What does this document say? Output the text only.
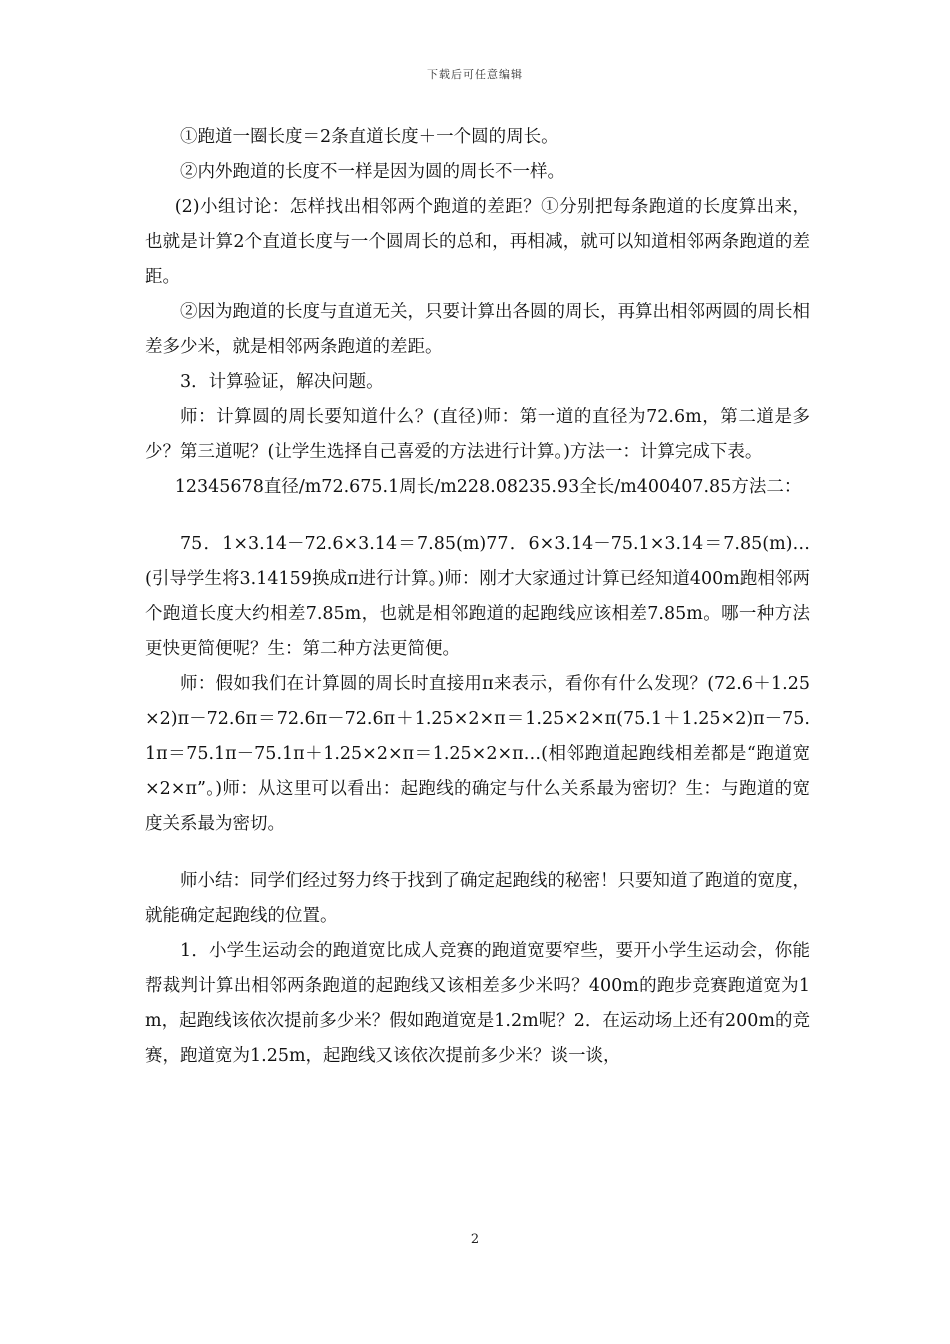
下载后可任意编辑

①跑道一圈长度＝2条直道长度＋一个圆的周长。

②内外跑道的长度不一样是因为圆的周长不一样。

(2)小组讨论：怎样找出相邻两个跑道的差距？①分别把每条跑道的长度算出来，也就是计算2个直道长度与一个圆周长的总和，再相减，就可以知道相邻两条跑道的差距。

②因为跑道的长度与直道无关，只要计算出各圆的周长，再算出相邻两圆的周长相差多少米，就是相邻两条跑道的差距。

3．计算验证，解决问题。

师：计算圆的周长要知道什么？(直径)师：第一道的直径为72.6m，第二道是多少？第三道呢？(让学生选择自己喜爱的方法进行计算。)方法一：计算完成下表。

12345678直径/m72.675.1周长/m228.08235.93全长/m400407.85方法二：

75．1×3.14－72.6×3.14＝7.85(m)77．6×3.14－75.1×3.14＝7.85(m)…(引导学生将3.14159换成π进行计算。)师：刚才大家通过计算已经知道400m跑相邻两个跑道长度大约相差7.85m，也就是相邻跑道的起跑线应该相差7.85m。哪一种方法更快更简便呢？生：第二种方法更简便。

师：假如我们在计算圆的周长时直接用π来表示，看你有什么发现？(72.6＋1.25×2)π－72.6π＝72.6π－72.6π＋1.25×2×π＝1.25×2×π(75.1＋1.25×2)π－75.1π＝75.1π－75.1π＋1.25×2×π＝1.25×2×π…(相邻跑道起跑线相差都是“跑道宽×2×π”。)师：从这里可以看出：起跑线的确定与什么关系最为密切？生：与跑道的宽度关系最为密切。

师小结：同学们经过努力终于找到了确定起跑线的秘密！只要知道了跑道的宽度，就能确定起跑线的位置。

1．小学生运动会的跑道宽比成人竞赛的跑道宽要窄些，要开小学生运动会，你能帮裁判计算出相邻两条跑道的起跑线又该相差多少米吗？400m的跑步竞赛跑道宽为1m，起跑线该依次提前多少米？假如跑道宽是1.2m呢？2．在运动场上还有200m的竞赛，跑道宽为1.25m，起跑线又该依次提前多少米？谈一谈，

2
